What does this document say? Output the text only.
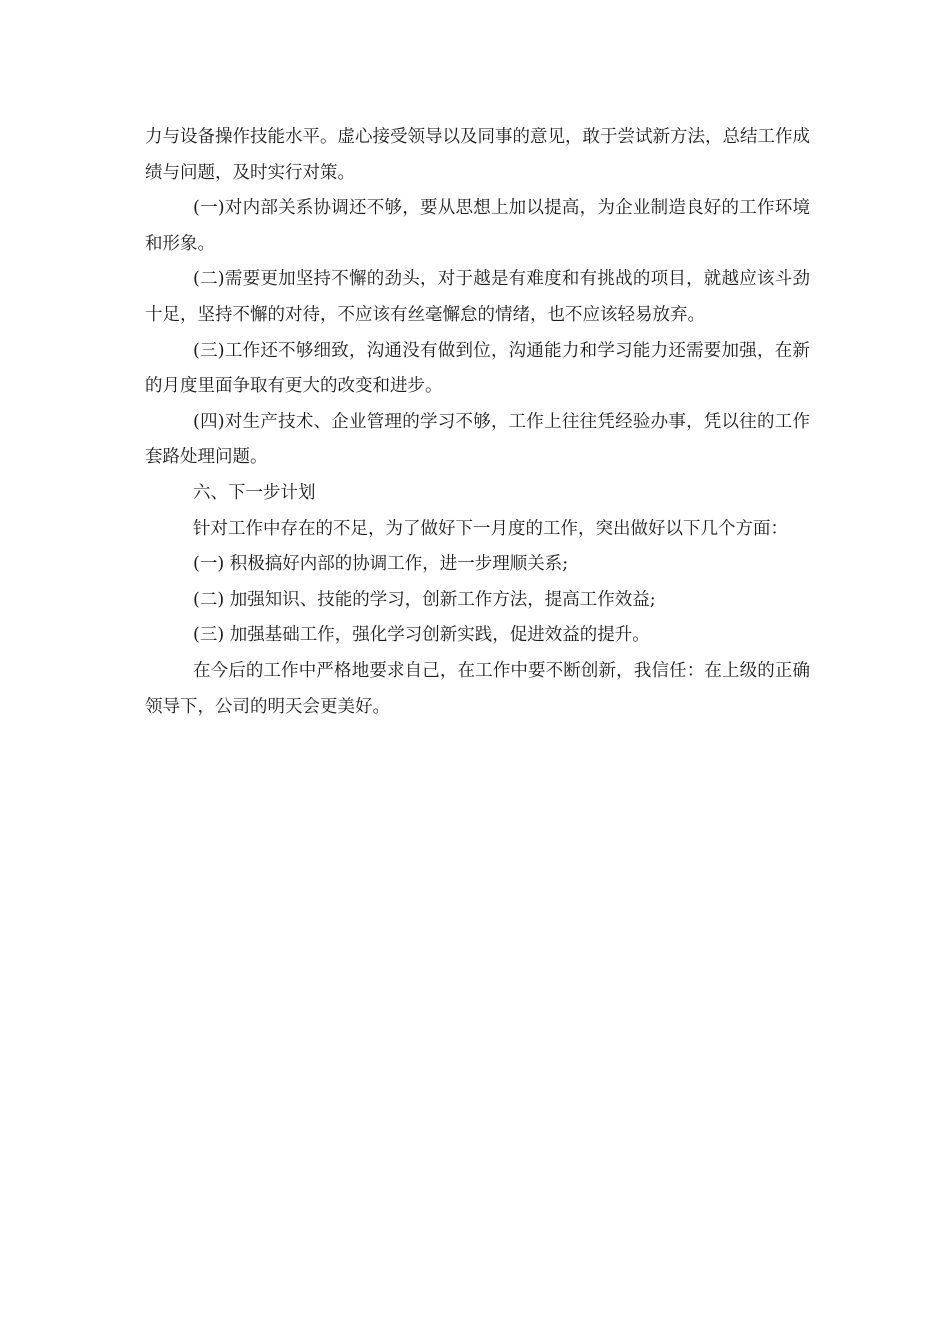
力与设备操作技能水平。虚心接受领导以及同事的意见，敢于尝试新方法，总结工作成绩与问题，及时实行对策。

(一)对内部关系协调还不够，要从思想上加以提高，为企业制造良好的工作环境和形象。

(二)需要更加坚持不懈的劲头，对于越是有难度和有挑战的项目，就越应该斗劲十足，坚持不懈的对待，不应该有丝毫懈怠的情绪，也不应该轻易放弃。

(三)工作还不够细致，沟通没有做到位，沟通能力和学习能力还需要加强，在新的月度里面争取有更大的改变和进步。

(四)对生产技术、企业管理的学习不够，工作上往往凭经验办事，凭以往的工作套路处理问题。

六、下一步计划

针对工作中存在的不足，为了做好下一月度的工作，突出做好以下几个方面：

(一) 积极搞好内部的协调工作，进一步理顺关系;

(二) 加强知识、技能的学习，创新工作方法，提高工作效益;

(三) 加强基础工作，强化学习创新实践，促进效益的提升。

在今后的工作中严格地要求自己，在工作中要不断创新，我信任：在上级的正确领导下，公司的明天会更美好。
